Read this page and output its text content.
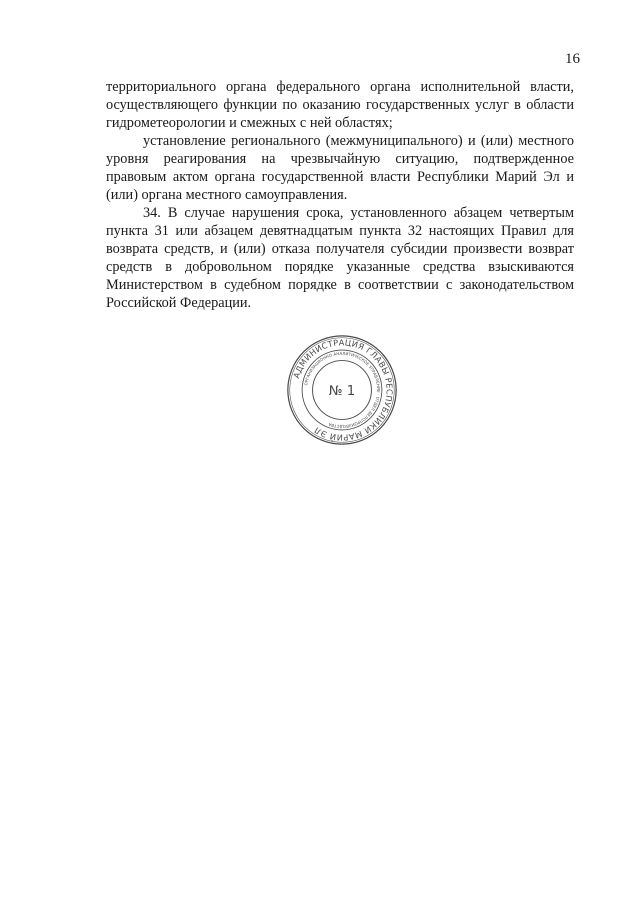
16

территориального органа федерального органа исполнительной власти, осуществляющего функции по оказанию государственных услуг в области гидрометеорологии и смежных с ней областях;

установление регионального (межмуниципального) и (или) местного уровня реагирования на чрезвычайную ситуацию, подтвержденное правовым актом органа государственной власти Республики Марий Эл и (или) органа местного самоуправления.

34. В случае нарушения срока, установленного абзацем четвертым пункта 31 или абзацем девятнадцатым пункта 32 настоящих Правил для возврата средств, и (или) отказа получателя субсидии произвести возврат средств в добровольном порядке указанные средства взыскиваются Министерством в судебном порядке в соответствии с законодательством Российской Федерации.

АДМИНИСТРАЦИЯ ГЛАВЫ РЕСПУБЛИКИ МАРИЙ ЭЛ
ОРГАНИЗАЦИОННО-АНАЛИТИЧЕСКОЕ УПРАВЛЕНИЕ · ОТДЕЛ ДЕЛОПРОИЗВОДСТВА
№ 1
